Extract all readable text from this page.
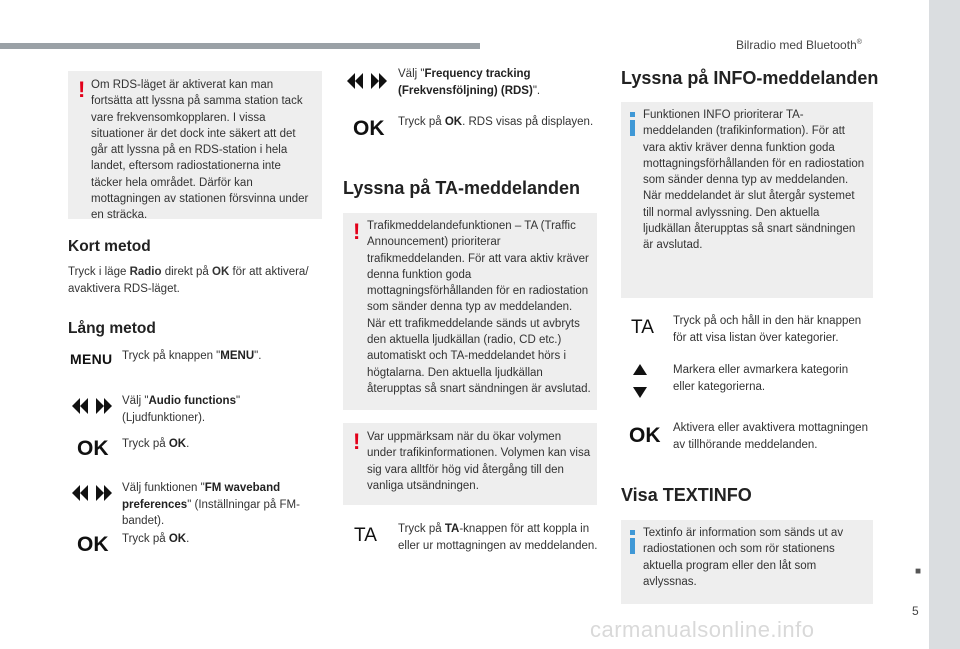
Bilradio med Bluetooth®
! Om RDS-läget är aktiverat kan man fortsätta att lyssna på samma station tack vare frekvensomkopplaren. I vissa situationer är det dock inte säkert att det går att lyssna på en RDS-station i hela landet, eftersom radiostationerna inte täcker hela området. Därför kan mottagningen av stationen försvinna under en sträcka.
Kort metod
Tryck i läge Radio direkt på OK för att aktivera/ avaktivera RDS-läget.
Lång metod
MENU Tryck på knappen "MENU".
Välj "Audio functions" (Ljudfunktioner).
OK Tryck på OK.
Välj funktionen "FM waveband preferences" (Inställningar på FM-bandet).
OK Tryck på OK.
Välj "Frequency tracking (Frekvensföljning) (RDS)".
OK Tryck på OK. RDS visas på displayen.
Lyssna på TA-meddelanden
! Trafikmeddelandefunktionen – TA (Traffic Announcement) prioriterar trafikmeddelanden. För att vara aktiv kräver denna funktion goda mottagningsförhållanden för en radiostation som sänder denna typ av meddelanden. När ett trafikmeddelande sänds ut avbryts den aktuella ljudkällan (radio, CD etc.) automatiskt och TA-meddelandet hörs i högtalarna. Den aktuella ljudkällan återupptas så snart sändningen är avslutad.
! Var uppmärksam när du ökar volymen under trafikinformationen. Volymen kan visa sig vara alltför hög vid återgång till den vanliga utsändningen.
TA Tryck på TA-knappen för att koppla in eller ur mottagningen av meddelanden.
Lyssna på INFO-meddelanden
Funktionen INFO prioriterar TA-meddelanden (trafikinformation). För att vara aktiv kräver denna funktion goda mottagningsförhållanden för en radiostation som sänder denna typ av meddelanden. När meddelandet är slut återgår systemet till normal avlyssning. Den aktuella ljudkällan återupptas så snart sändningen är avslutad.
TA Tryck på och håll in den här knappen för att visa listan över kategorier.
Markera eller avmarkera kategorin eller kategorierna.
OK Aktivera eller avaktivera mottagningen av tillhörande meddelanden.
Visa TEXTINFO
Textinfo är information som sänds ut av radiostationen och som rör stationens aktuella program eller den låt som avlyssnas.
■
5
carmanualsonline.info
